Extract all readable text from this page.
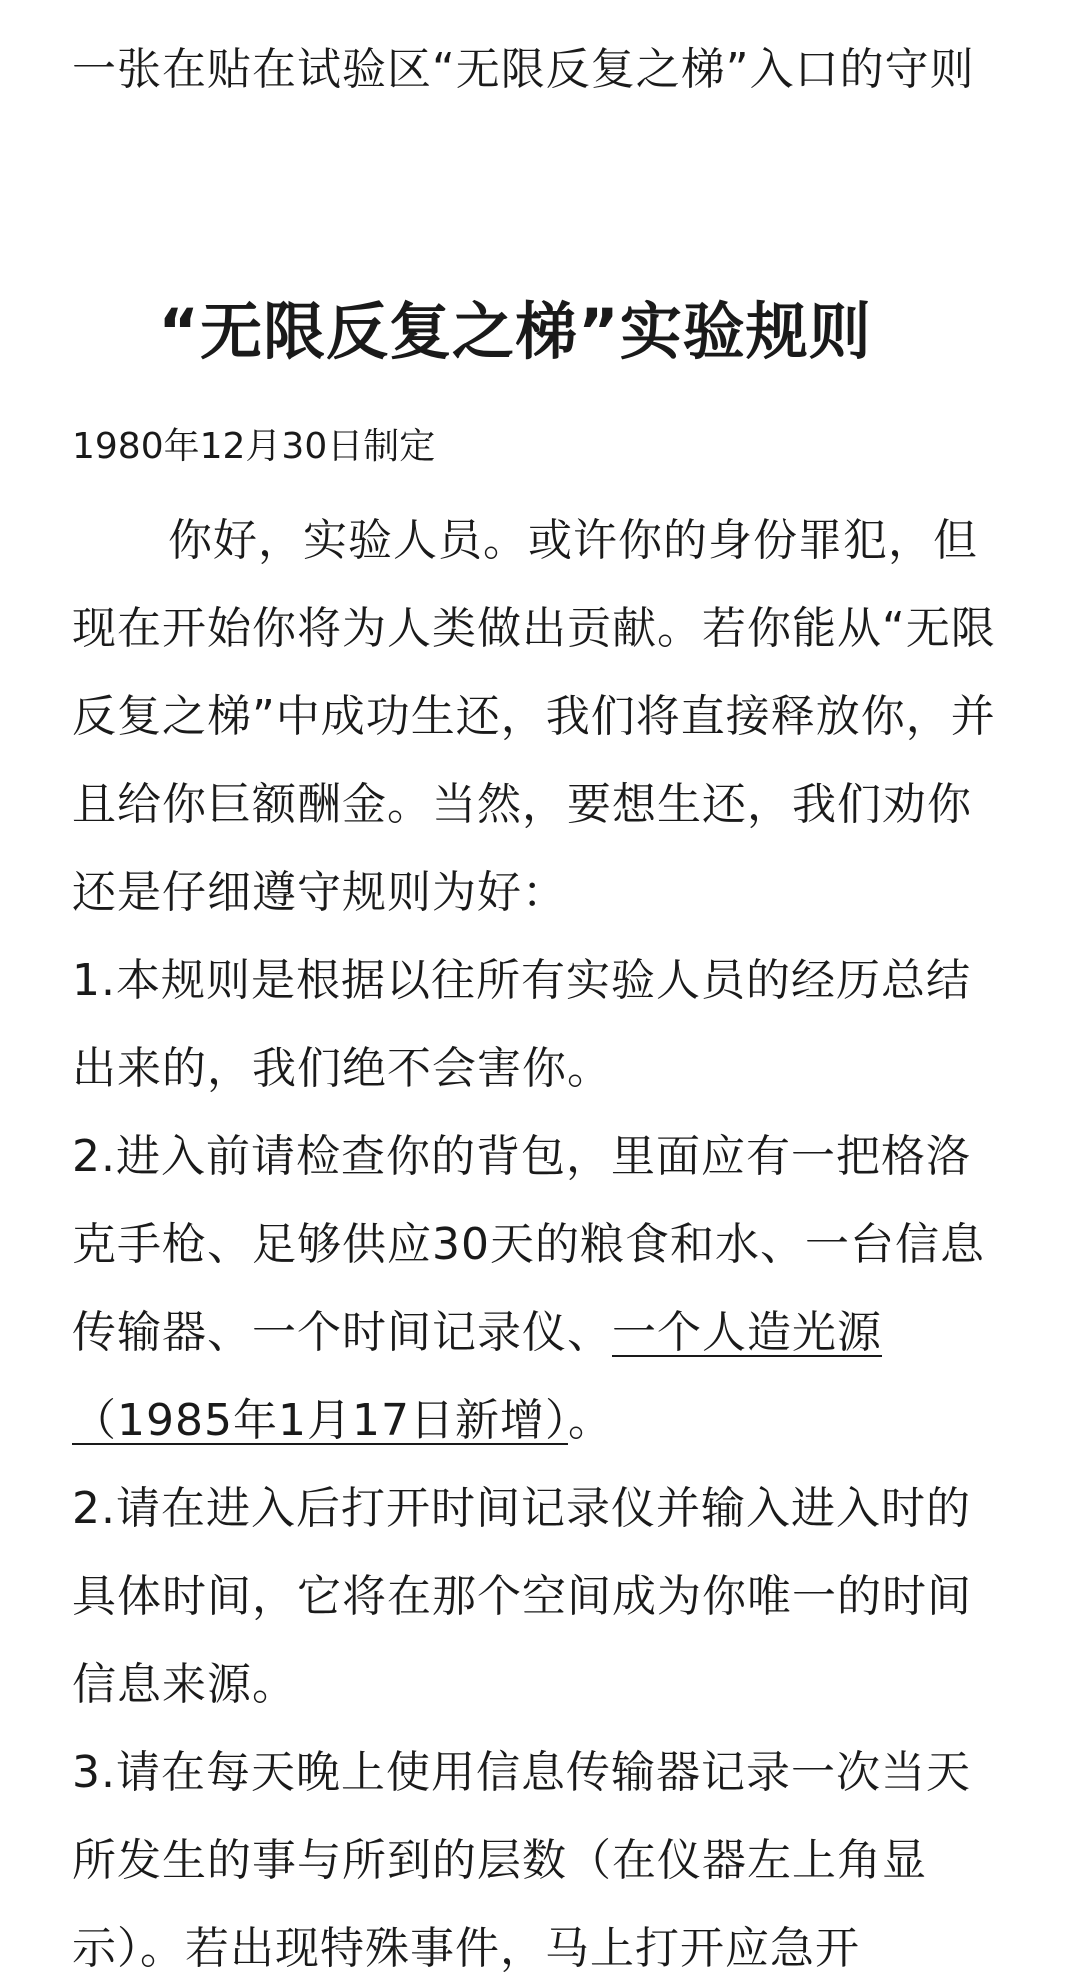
一张在贴在试验区“无限反复之梯”入口的守则

“无限反复之梯”实验规则

1980年12月30日制定

你好，实验人员。或许你的身份罪犯，但现在开始你将为人类做出贡献。若你能从“无限反复之梯”中成功生还，我们将直接释放你，并且给你巨额酬金。当然，要想生还，我们劝你还是仔细遵守规则为好：

1.本规则是根据以往所有实验人员的经历总结出来的，我们绝不会害你。

2.进入前请检查你的背包，里面应有一把格洛克手枪、足够供应30天的粮食和水、一台信息传输器、一个时间记录仪、一个人造光源（1985年1月17日新增）。

2.请在进入后打开时间记录仪并输入进入时的具体时间，它将在那个空间成为你唯一的时间信息来源。

3.请在每天晚上使用信息传输器记录一次当天所发生的事与所到的层数（在仪器左上角显示）。若出现特殊事件，马上打开应急开
